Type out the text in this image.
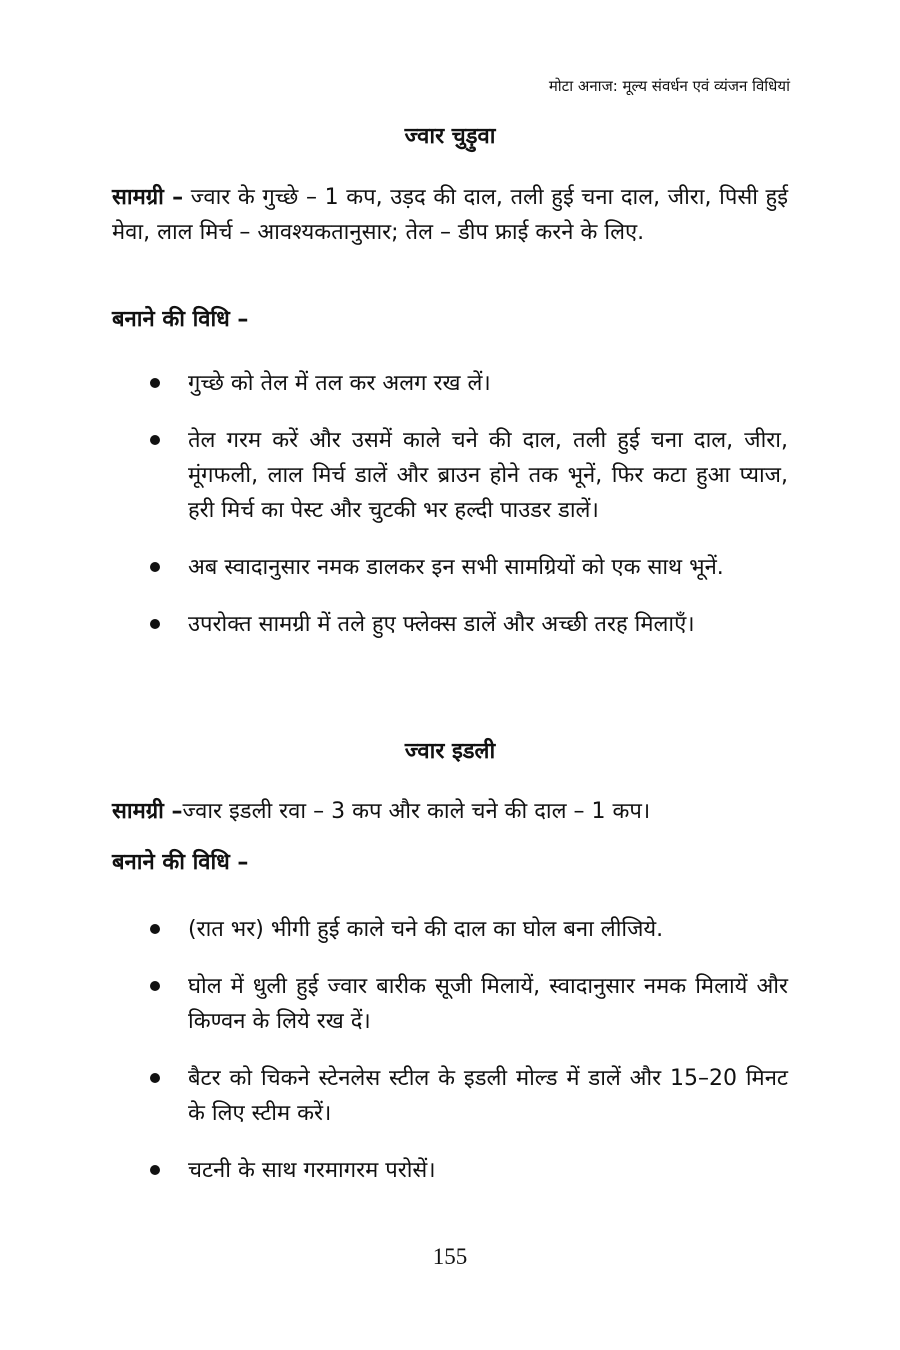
मोटा अनाज: मूल्य संवर्धन एवं व्यंजन विधियां
ज्वार चुड़ुवा

सामग्री – ज्वार के गुच्छे – 1 कप, उड़द की दाल, तली हुई चना दाल, जीरा, पिसी हुई मेवा, लाल मिर्च – आवश्यकतानुसार; तेल – डीप फ्राई करने के लिए.

बनाने की विधि –
गुच्छे को तेल में तल कर अलग रख लें।
तेल गरम करें और उसमें काले चने की दाल, तली हुई चना दाल, जीरा, मूंगफली, लाल मिर्च डालें और ब्राउन होने तक भूनें, फिर कटा हुआ प्याज, हरी मिर्च का पेस्ट और चुटकी भर हल्दी पाउडर डालें।
अब स्वादानुसार नमक डालकर इन सभी सामग्रियों को एक साथ भूनें.
उपरोक्त सामग्री में तले हुए फ्लेक्स डालें और अच्छी तरह मिलाएँ।
ज्वार इडली

सामग्री –ज्वार इडली रवा – 3 कप और काले चने की दाल – 1 कप।

बनाने की विधि –
(रात भर) भीगी हुई काले चने की दाल का घोल बना लीजिये.
घोल में धुली हुई ज्वार बारीक सूजी मिलायें, स्वादानुसार नमक मिलायें और किण्वन के लिये रख दें।
बैटर को चिकने स्टेनलेस स्टील के इडली मोल्ड में डालें और 15–20 मिनट के लिए स्टीम करें।
चटनी के साथ गरमागरम परोसें।
155
